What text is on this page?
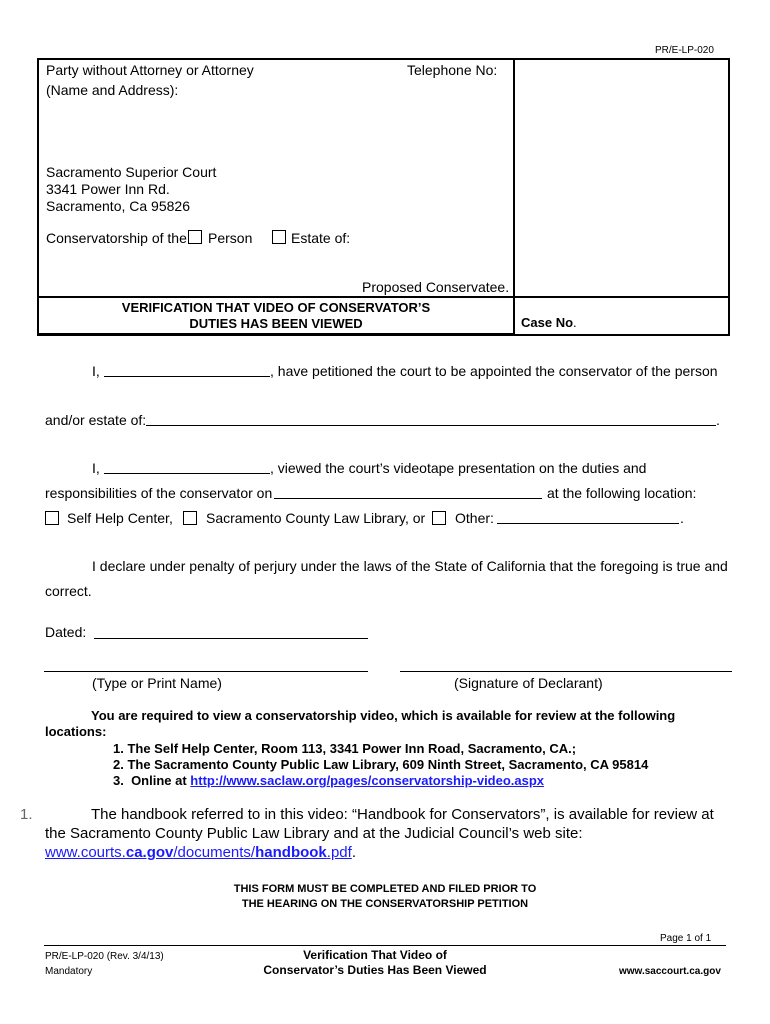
PR/E-LP-020
Party without Attorney or Attorney
(Name and Address):
Telephone No:
Sacramento Superior Court
3341 Power Inn Rd.
Sacramento, Ca 95826
Conservatorship of the Person	Estate of:
Proposed Conservatee.
VERIFICATION THAT VIDEO OF CONSERVATOR’S
DUTIES HAS BEEN VIEWED	Case No.
I,	, have petitioned the court to be appointed the conservator of the person
and/or estate of:	.
I,	, viewed the court’s videotape presentation on the duties and
responsibilities of the conservator on	at the following location:
Self Help Center, Sacramento County Law Library, or Other:	.
I declare under penalty of perjury under the laws of the State of California that the foregoing is true and
correct.
Dated:
(Type or Print Name)	(Signature of Declarant)
You are required to view a conservatorship video, which is available for review at the following
locations:
1. The Self Help Center, Room 113, 3341 Power Inn Road, Sacramento, CA.;
2. The Sacramento County Public Law Library, 609 Ninth Street, Sacramento, CA 95814
3.  Online at http://www.saclaw.org/pages/conservatorship-video.aspx
1.	The handbook referred to in this video: “Handbook for Conservators”, is available for review at
the Sacramento County Public Law Library and at the Judicial Council’s web site:
www.courts.ca.gov/documents/handbook.pdf.
THIS FORM MUST BE COMPLETED AND FILED PRIOR TO
THE HEARING ON THE CONSERVATORSHIP PETITION
Page 1 of 1
PR/E-LP-020 (Rev. 3/4/13)
Mandatory
Verification That Video of
Conservator’s Duties Has Been Viewed	www.saccourt.ca.gov
